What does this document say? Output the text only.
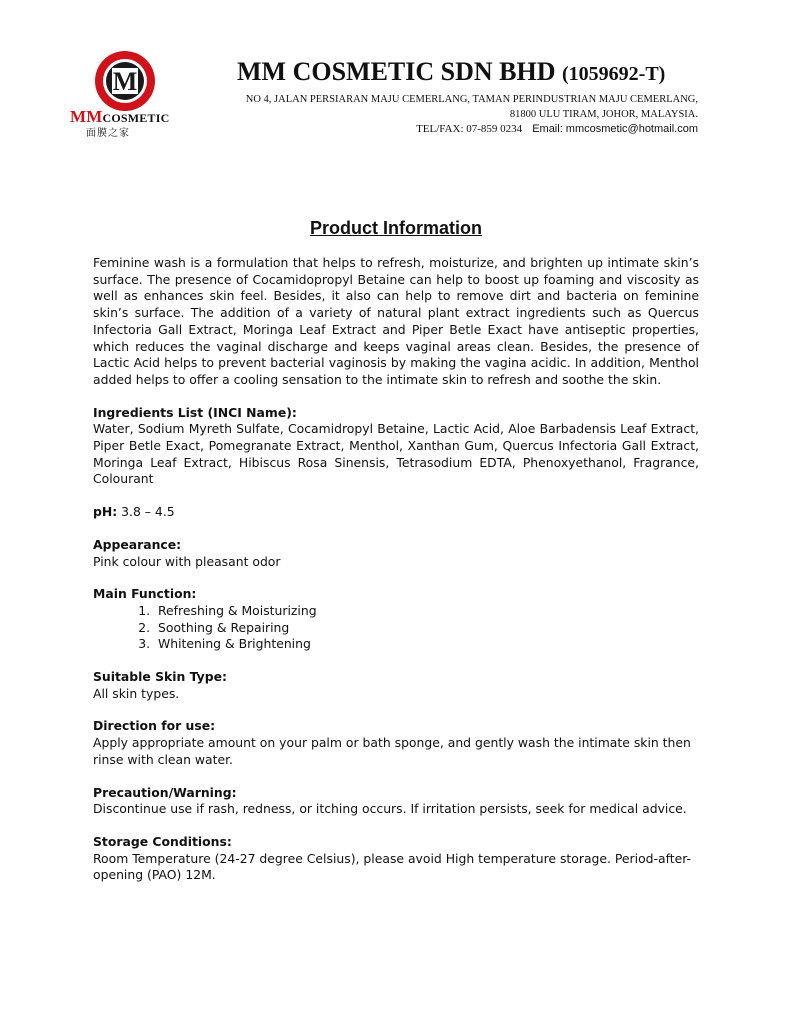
M
MMCOSMETIC
面膜之家
MM COSMETIC SDN BHD (1059692-T)
NO 4, JALAN PERSIARAN MAJU CEMERLANG, TAMAN PERINDUSTRIAN MAJU CEMERLANG,
81800 ULU TIRAM, JOHOR, MALAYSIA.
TEL/FAX: 07-859 0234 Email: mmcosmetic@hotmail.com
Product Information

Feminine wash is a formulation that helps to refresh, moisturize, and brighten up intimate skin’s surface. The presence of Cocamidopropyl Betaine can help to boost up foaming and viscosity as well as enhances skin feel. Besides, it also can help to remove dirt and bacteria on feminine skin’s surface. The addition of a variety of natural plant extract ingredients such as Quercus Infectoria Gall Extract, Moringa Leaf Extract and Piper Betle Exact have antiseptic properties, which reduces the vaginal discharge and keeps vaginal areas clean. Besides, the presence of Lactic Acid helps to prevent bacterial vaginosis by making the vagina acidic. In addition, Menthol added helps to offer a cooling sensation to the intimate skin to refresh and soothe the skin.

Ingredients List (INCI Name):

Water, Sodium Myreth Sulfate, Cocamidropyl Betaine, Lactic Acid, Aloe Barbadensis Leaf Extract, Piper Betle Exact, Pomegranate Extract, Menthol, Xanthan Gum, Quercus Infectoria Gall Extract, Moringa Leaf Extract, Hibiscus Rosa Sinensis, Tetrasodium EDTA, Phenoxyethanol, Fragrance, Colourant

pH: 3.8 – 4.5

Appearance:

Pink colour with pleasant odor

Main Function:

1. Refreshing & Moisturizing
2. Soothing & Repairing
3. Whitening & Brightening

Suitable Skin Type:

All skin types.

Direction for use:

Apply appropriate amount on your palm or bath sponge, and gently wash the intimate skin then rinse with clean water.

Precaution/Warning:

Discontinue use if rash, redness, or itching occurs. If irritation persists, seek for medical advice.

Storage Conditions:

Room Temperature (24-27 degree Celsius), please avoid High temperature storage. Period-after-opening (PAO) 12M.
